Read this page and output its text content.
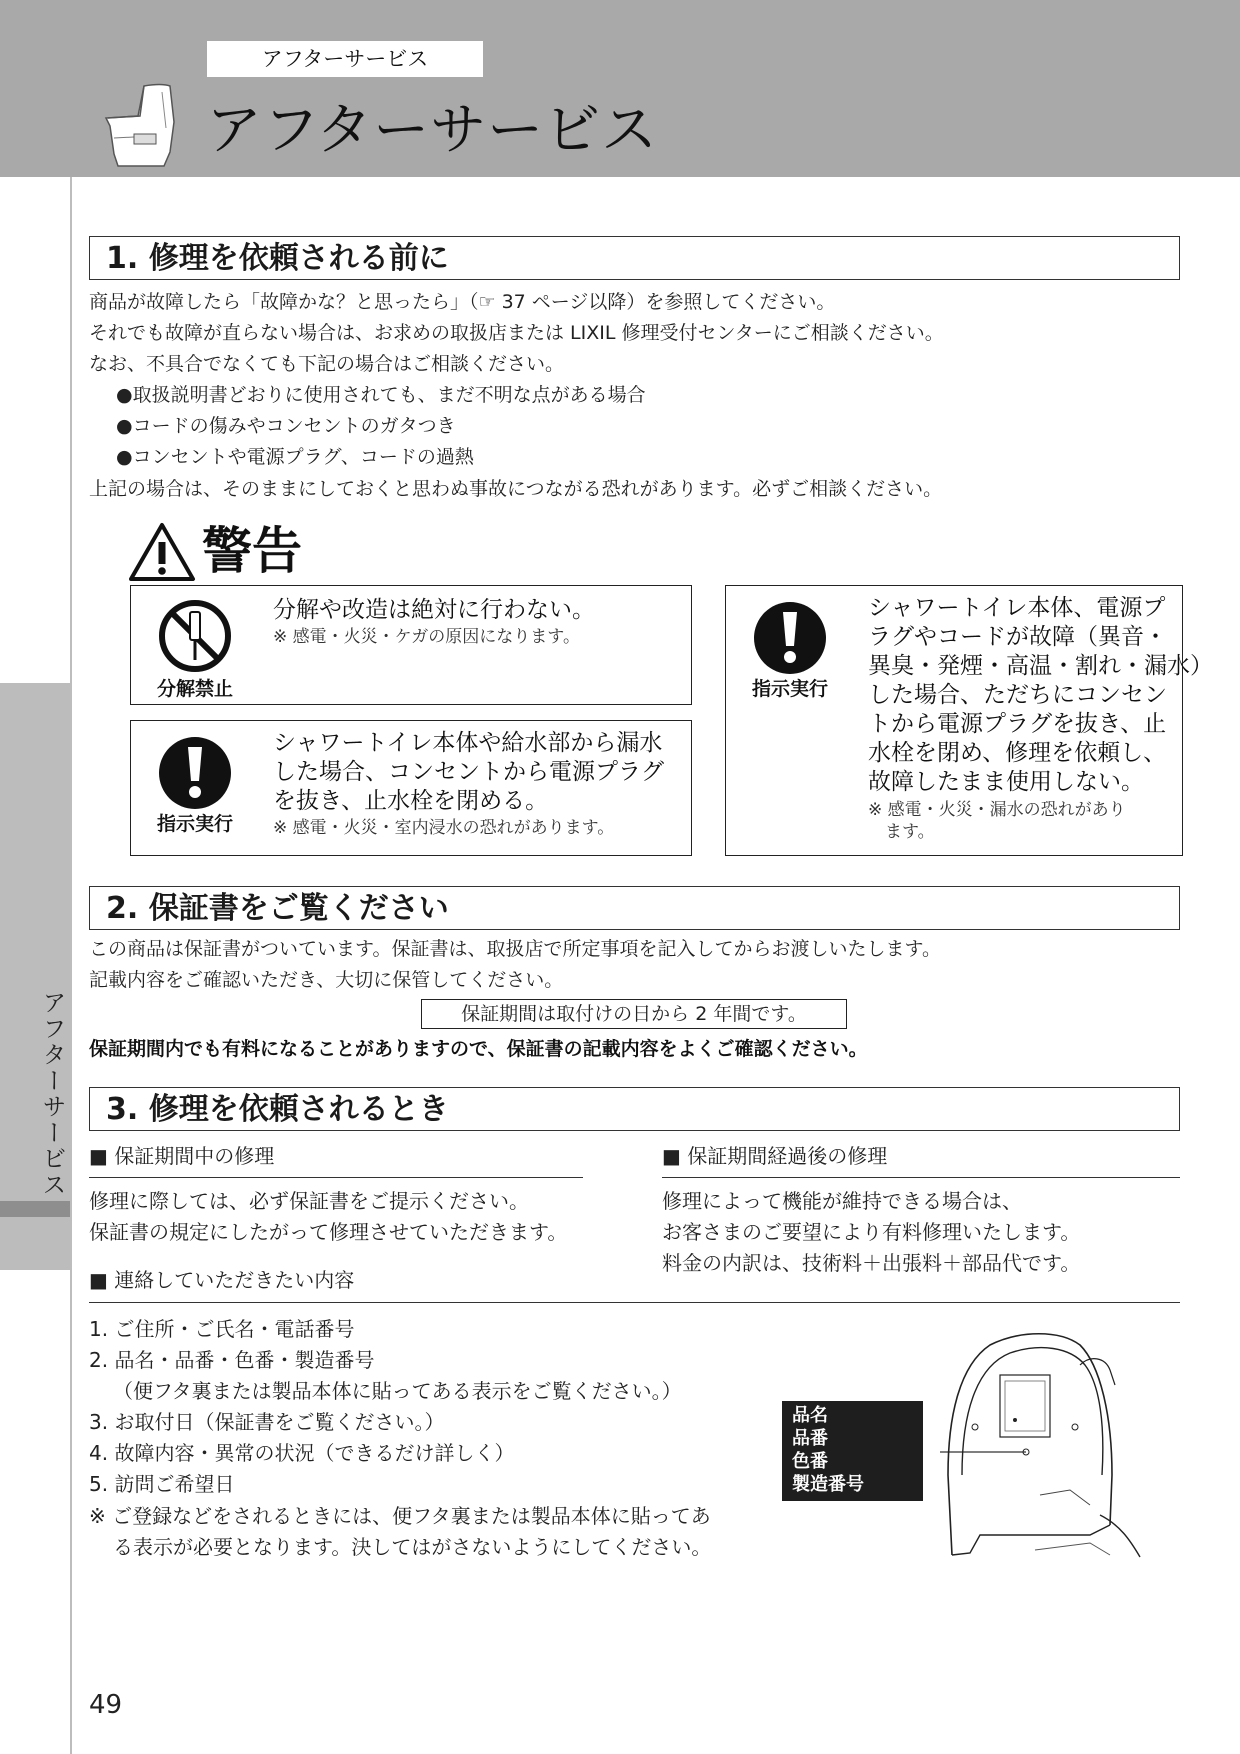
アフターサービス
アフターサービス
アフターサービス
1. 修理を依頼される前に
商品が故障したら「故障かな？と思ったら」（☞ 37 ページ以降）を参照してください。
それでも故障が直らない場合は、お求めの取扱店または LIXIL 修理受付センターにご相談ください。
なお、不具合でなくても下記の場合はご相談ください。
●取扱説明書どおりに使用されても、まだ不明な点がある場合
●コードの傷みやコンセントのガタつき
●コンセントや電源プラグ、コードの過熱
上記の場合は、そのままにしておくと思わぬ事故につながる恐れがあります。必ずご相談ください。
警告
分解禁止
分解や改造は絶対に行わない。
※ 感電・火災・ケガの原因になります。
指示実行
シャワートイレ本体や給水部から漏水
した場合、コンセントから電源プラグ
を抜き、止水栓を閉める。
※ 感電・火災・室内浸水の恐れがあります。
指示実行
シャワートイレ本体、電源プ
ラグやコードが故障（異音・
異臭・発煙・高温・割れ・漏水）
した場合、ただちにコンセン
トから電源プラグを抜き、止
水栓を閉め、修理を依頼し、
故障したまま使用しない。
※ 感電・火災・漏水の恐れがあり
　ます。
2. 保証書をご覧ください
この商品は保証書がついています。保証書は、取扱店で所定事項を記入してからお渡しいたします。
記載内容をご確認いただき、大切に保管してください。
保証期間は取付けの日から 2 年間です。
保証期間内でも有料になることがありますので、保証書の記載内容をよくご確認ください。
3. 修理を依頼されるとき
■ 保証期間中の修理
修理に際しては、必ず保証書をご提示ください。
保証書の規定にしたがって修理させていただきます。
■ 保証期間経過後の修理
修理によって機能が維持できる場合は、
お客さまのご要望により有料修理いたします。
料金の内訳は、技術料＋出張料＋部品代です。
■ 連絡していただきたい内容
1. ご住所・ご氏名・電話番号
2. 品名・品番・色番・製造番号
（便フタ裏または製品本体に貼ってある表示をご覧ください。）
3. お取付日（保証書をご覧ください。）
4. 故障内容・異常の状況（できるだけ詳しく）
5. 訪問ご希望日
※ ご登録などをされるときには、便フタ裏または製品本体に貼ってあ
る表示が必要となります。決してはがさないようにしてください。
品名
品番
色番
製造番号
49
